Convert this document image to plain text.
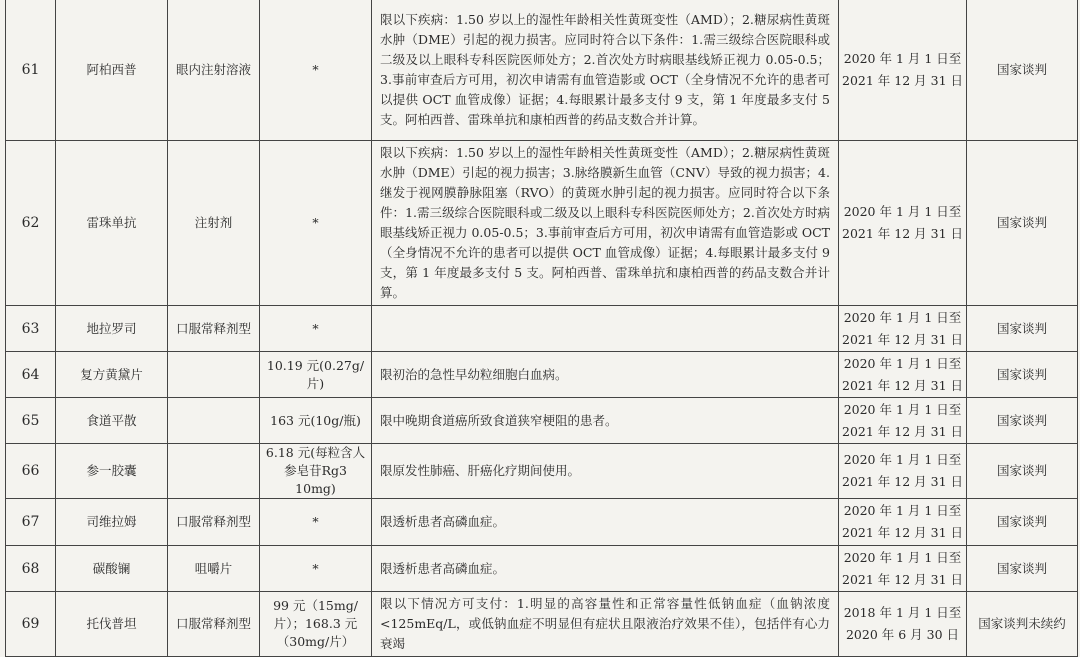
61	阿柏西普	眼内注射溶液	*	限以下疾病：1.50 岁以上的湿性年龄相关性黄斑变性（AMD）；2.糖尿病性黄斑水肿（DME）引起的视力损害。应同时符合以下条件：1.需三级综合医院眼科或二级及以上眼科专科医院医师处方；2.首次处方时病眼基线矫正视力 0.05-0.5；3.事前审查后方可用，初次申请需有血管造影或 OCT（全身情况不允许的患者可以提供 OCT 血管成像）证据；4.每眼累计最多支付 9 支，第 1 年度最多支付 5 支。阿柏西普、雷珠单抗和康柏西普的药品支数合并计算。	2020 年 1 月 1 日至
2021 年 12 月 31 日	国家谈判
62	雷珠单抗	注射剂	*	限以下疾病：1.50 岁以上的湿性年龄相关性黄斑变性（AMD）；2.糖尿病性黄斑水肿（DME）引起的视力损害；3.脉络膜新生血管（CNV）导致的视力损害；4.继发于视网膜静脉阻塞（RVO）的黄斑水肿引起的视力损害。应同时符合以下条件：1.需三级综合医院眼科或二级及以上眼科专科医院医师处方；2.首次处方时病眼基线矫正视力 0.05-0.5；3.事前审查后方可用，初次申请需有血管造影或 OCT（全身情况不允许的患者可以提供 OCT 血管成像）证据；4.每眼累计最多支付 9 支，第 1 年度最多支付 5 支。阿柏西普、雷珠单抗和康柏西普的药品支数合并计算。	2020 年 1 月 1 日至
2021 年 12 月 31 日	国家谈判
63	地拉罗司	口服常释剂型	*		2020 年 1 月 1 日至
2021 年 12 月 31 日	国家谈判
64	复方黄黛片		10.19 元(0.27g/片)	限初治的急性早幼粒细胞白血病。	2020 年 1 月 1 日至
2021 年 12 月 31 日	国家谈判
65	食道平散		163 元(10g/瓶)	限中晚期食道癌所致食道狭窄梗阻的患者。	2020 年 1 月 1 日至
2021 年 12 月 31 日	国家谈判
66	参一胶囊		6.18 元(每粒含人参皂苷Rg3 10mg)	限原发性肺癌、肝癌化疗期间使用。	2020 年 1 月 1 日至
2021 年 12 月 31 日	国家谈判
67	司维拉姆	口服常释剂型	*	限透析患者高磷血症。	2020 年 1 月 1 日至
2021 年 12 月 31 日	国家谈判
68	碳酸镧	咀嚼片	*	限透析患者高磷血症。	2020 年 1 月 1 日至
2021 年 12 月 31 日	国家谈判
69	托伐普坦	口服常释剂型	99 元（15mg/片）；168.3 元（30mg/片）	限以下情况方可支付：1.明显的高容量性和正常容量性低钠血症（血钠浓度<125mEq/L，或低钠血症不明显但有症状且限液治疗效果不佳），包括伴有心力衰竭	2018 年 1 月 1 日至
2020 年 6 月 30 日	国家谈判未续约
